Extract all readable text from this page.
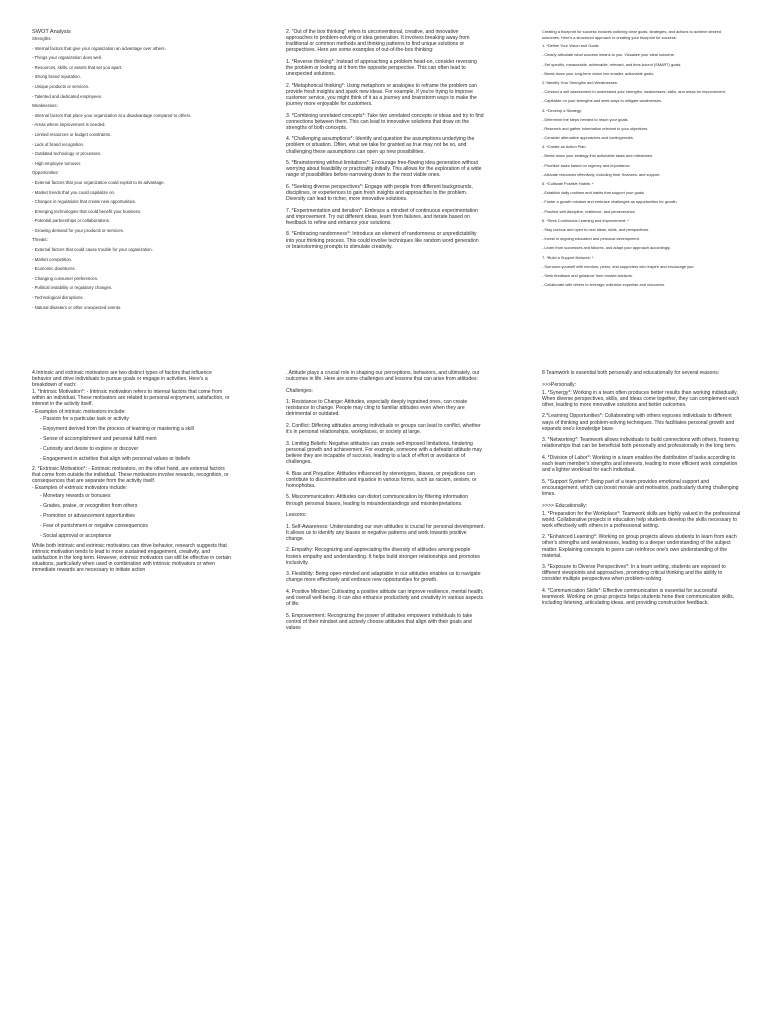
SWOT Analysis

Strengths:

- Internal factors that give your organization an advantage over others.

- Things your organization does well.

- Resources, skills, or assets that set you apart.

- Strong brand reputation.

- Unique products or services.

- Talented and dedicated employees.

Weaknesses:

- Internal factors that place your organization at a disadvantage compared to others.

- Areas where improvement is needed.

- Limited resources or budget constraints.

- Lack of brand recognition.

- Outdated technology or processes.

- High employee turnover.

Opportunities:

- External factors that your organization could exploit to its advantage.

- Market trends that you could capitalize on.

- Changes in regulations that create new opportunities.

- Emerging technologies that could benefit your business.

- Potential partnerships or collaborations.

- Growing demand for your products or services.

Threats:

- External factors that could cause trouble for your organization.

- Market competition.

- Economic downturns.

- Changing consumer preferences.

- Political instability or regulatory changes.

- Technological disruptions.

- Natural disasters or other unexpected events.

2. "Out of the box thinking" refers to unconventional, creative, and innovative approaches to problem-solving or idea generation. It involves breaking away from traditional or common methods and thinking patterns to find unique solutions or perspectives. Here are some examples of out-of-the-box thinking:

1. *Reverse thinking*: Instead of approaching a problem head-on, consider reversing the problem or looking at it from the opposite perspective. This can often lead to unexpected solutions.

2. *Metaphorical thinking*: Using metaphors or analogies to reframe the problem can provide fresh insights and spark new ideas. For example, if you're trying to improve customer service, you might think of it as a journey and brainstorm ways to make the journey more enjoyable for customers.

3. *Combining unrelated concepts*: Take two unrelated concepts or ideas and try to find connections between them. This can lead to innovative solutions that draw on the strengths of both concepts.

4. *Challenging assumptions*: Identify and question the assumptions underlying the problem or situation. Often, what we take for granted as true may not be so, and challenging these assumptions can open up new possibilities.

5. *Brainstorming without limitations*: Encourage free-flowing idea generation without worrying about feasibility or practicality initially. This allows for the exploration of a wide range of possibilities before narrowing down to the most viable ones.

6. *Seeking diverse perspectives*: Engage with people from different backgrounds, disciplines, or experiences to gain fresh insights and approaches to the problem. Diversity can lead to richer, more innovative solutions.

7. *Experimentation and iteration*: Embrace a mindset of continuous experimentation and improvement. Try out different ideas, learn from failures, and iterate based on feedback to refine and enhance your solutions.

8. *Embracing randomness*: Introduce an element of randomness or unpredictability into your thinking process. This could involve techniques like random word generation or brainstorming prompts to stimulate creativity.

Creating a blueprint for success involves outlining clear goals, strategies, and actions to achieve desired outcomes. Here's a structured approach to creating your blueprint for success:

1. *Define Your Vision and Goals:

- Clearly articulate what success means to you. Visualize your ideal outcome.

- Set specific, measurable, achievable, relevant, and time-bound (SMART) goals.

- Break down your long-term vision into smaller, actionable goals.

2.*Identify Your Strengths and Weaknesses:

- Conduct a self-assessment to understand your strengths, weaknesses, skills, and areas for improvement.

- Capitalize on your strengths and seek ways to mitigate weaknesses.

3. *Develop a Strategy:

- Determine the steps needed to reach your goals.

- Research and gather information relevant to your objectives.

- Consider alternative approaches and contingencies.

4. *Create an Action Plan:

- Break down your strategy into actionable tasks and milestones.

- Prioritize tasks based on urgency and importance.

- Allocate resources effectively, including time, finances, and support.

5. *Cultivate Positive Habits: *

- Establish daily routines and habits that support your goals.

- Foster a growth mindset and embrace challenges as opportunities for growth.

- Practice self-discipline, resilience, and perseverance.

6. *Seek Continuous Learning and Improvement: *

- Stay curious and open to new ideas, skills, and perspectives.

- Invest in ongoing education and personal development.

- Learn from successes and failures, and adapt your approach accordingly.

7. *Build a Support Network: *

- Surround yourself with mentors, peers, and supporters who inspire and encourage you.

- Seek feedback and guidance from trusted advisors.

- Collaborate with others to leverage collective expertise and resources.

4.Intrinsic and extrinsic motivators are two distinct types of factors that influence behavior and drive individuals to pursue goals or engage in activities. Here's a breakdown of each:

1. *Intrinsic Motivation*: - Intrinsic motivation refers to internal factors that come from within an individual. These motivators are related to personal enjoyment, satisfaction, or interest in the activity itself.

- Examples of intrinsic motivators include:

- Passion for a particular task or activity

- Enjoyment derived from the process of learning or mastering a skill

- Sense of accomplishment and personal fulfill ment

- Curiosity and desire to explore or discover

- Engagement in activities that align with personal values or beliefs

2. *Extrinsic Motivation*: - Extrinsic motivators, on the other hand, are external factors that come from outside the individual. These motivators involve rewards, recognition, or consequences that are separate from the activity itself.

- Examples of extrinsic motivators include:

- Monetary rewards or bonuses

- Grades, praise, or recognition from others

- Promotion or advancement opportunities

- Fear of punishment or negative consequences

- Social approval or acceptance

While both intrinsic and extrinsic motivators can drive behavior, research suggests that intrinsic motivation tends to lead to more sustained engagement, creativity, and satisfaction in the long term. However, extrinsic motivators can still be effective in certain situations, particularly when used in combination with intrinsic motivators or when immediate rewards are necessary to initiate action

. Attitude plays a crucial role in shaping our perceptions, behaviors, and ultimately, our outcomes in life. Here are some challenges and lessons that can arise from attitudes:

Challenges:

1. Resistance to Change: Attitudes, especially deeply ingrained ones, can create resistance to change. People may cling to familiar attitudes even when they are detrimental or outdated.

2. Conflict: Differing attitudes among individuals or groups can lead to conflict, whether it's in personal relationships, workplaces, or society at large.

3. Limiting Beliefs: Negative attitudes can create self-imposed limitations, hindering personal growth and achievement. For example, someone with a defeatist attitude may believe they are incapable of success, leading to a lack of effort or avoidance of challenges.

4. Bias and Prejudice: Attitudes influenced by stereotypes, biases, or prejudices can contribute to discrimination and injustice in various forms, such as racism, sexism, or homophobia.

5. Miscommunication: Attitudes can distort communication by filtering information through personal biases, leading to misunderstandings and misinterpretations.

Lessons:

1. Self-Awareness: Understanding our own attitudes is crucial for personal development. It allows us to identify any biases or negative patterns and work towards positive change.

2. Empathy: Recognizing and appreciating the diversity of attitudes among people fosters empathy and understanding. It helps build stronger relationships and promotes inclusivity.

3. Flexibility: Being open-minded and adaptable in our attitudes enables us to navigate change more effectively and embrace new opportunities for growth.

4. Positive Mindset: Cultivating a positive attitude can improve resilience, mental health, and overall well-being. It can also enhance productivity and creativity in various aspects of life.

5. Empowerment: Recognizing the power of attitudes empowers individuals to take control of their mindset and actively choose attitudes that align with their goals and values

8 Teamwork is essential both personally and educationally for several reasons:

>>>Personally:

1. *Synergy*: Working in a team often produces better results than working individually. When diverse perspectives, skills, and ideas come together, they can complement each other, leading to more innovative solutions and better outcomes.

2.*Learning Opportunities*: Collaborating with others exposes individuals to different ways of thinking and problem-solving techniques. This facilitates personal growth and expands one's knowledge base.

3. *Networking*: Teamwork allows individuals to build connections with others, fostering relationships that can be beneficial both personally and professionally in the long term.

4. *Division of Labor*: Working in a team enables the distribution of tasks according to each team member's strengths and interests, leading to more efficient work completion and a lighter workload for each individual.

5. *Support System*: Being part of a team provides emotional support and encouragement, which can boost morale and motivation, particularly during challenging times.

>>>> Educationally:

1. *Preparation for the Workplace*: Teamwork skills are highly valued in the professional world. Collaborative projects in education help students develop the skills necessary to work effectively with others in a professional setting.

2. *Enhanced Learning*: Working on group projects allows students to learn from each other's strengths and weaknesses, leading to a deeper understanding of the subject matter. Explaining concepts to peers can reinforce one's own understanding of the material.

3. *Exposure to Diverse Perspectives*: In a team setting, students are exposed to different viewpoints and approaches, promoting critical thinking and the ability to consider multiple perspectives when problem-solving.

4. *Communication Skills*: Effective communication is essential for successful teamwork. Working on group projects helps students hone their communication skills, including listening, articulating ideas, and providing constructive feedback.
